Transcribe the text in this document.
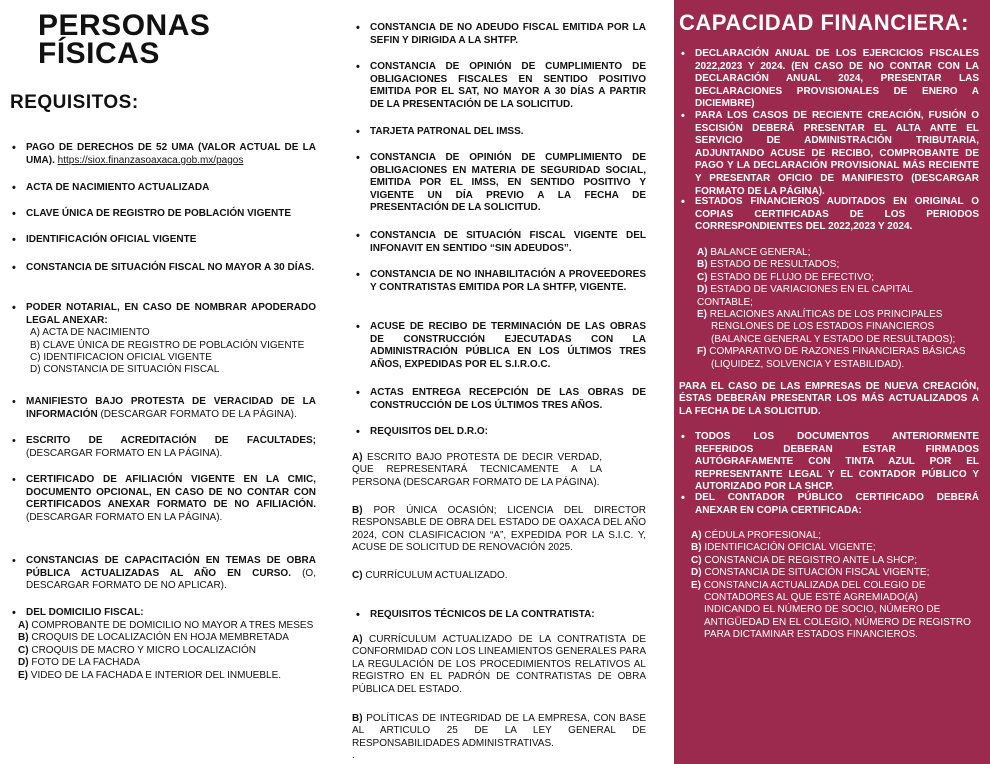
PERSONAS
FÍSICAS
REQUISITOS:
• PAGO DE DERECHOS DE 52 UMA (VALOR ACTUAL DE LA UMA). https://siox.finanzasoaxaca.gob.mx/pagos
• ACTA DE NACIMIENTO ACTUALIZADA
• CLAVE ÚNICA DE REGISTRO DE POBLACIÓN VIGENTE
• IDENTIFICACIÓN OFICIAL VIGENTE
• CONSTANCIA DE SITUACIÓN FISCAL NO MAYOR A 30 DÍAS.
• PODER NOTARIAL, EN CASO DE NOMBRAR APODERADO LEGAL ANEXAR:
A) ACTA DE NACIMIENTO
B) CLAVE ÚNICA DE REGISTRO DE POBLACIÓN VIGENTE
C) IDENTIFICACION OFICIAL VIGENTE
D) CONSTANCIA DE SITUACIÓN FISCAL
• MANIFIESTO BAJO PROTESTA DE VERACIDAD DE LA INFORMACIÓN (DESCARGAR FORMATO DE LA PÁGINA).
• ESCRITO DE ACREDITACIÓN DE FACULTADES; (DESCARGAR FORMATO EN LA PÁGINA).
• CERTIFICADO DE AFILIACIÓN VIGENTE EN LA CMIC, DOCUMENTO OPCIONAL, EN CASO DE NO CONTAR CON CERTIFICADOS ANEXAR FORMATO DE NO AFILIACIÓN. (DESCARGAR FORMATO EN LA PÁGINA).
• CONSTANCIAS DE CAPACITACIÓN EN TEMAS DE OBRA PÚBLICA ACTUALIZADAS AL AÑO EN CURSO. (O, DESCARGAR FORMATO DE NO APLICAR).
• DEL DOMICILIO FISCAL:
A) COMPROBANTE DE DOMICILIO NO MAYOR A TRES MESES
B) CROQUIS DE LOCALIZACIÓN EN HOJA MEMBRETADA
C) CROQUIS DE MACRO Y MICRO LOCALIZACIÓN
D) FOTO DE LA FACHADA
E) VIDEO DE LA FACHADA E INTERIOR DEL INMUEBLE.
• CONSTANCIA DE NO ADEUDO FISCAL EMITIDA POR LA SEFIN Y DIRIGIDA A LA SHTFP.
• CONSTANCIA DE OPINIÓN DE CUMPLIMIENTO DE OBLIGACIONES FISCALES EN SENTIDO POSITIVO EMITIDA POR EL SAT, NO MAYOR A 30 DÍAS A PARTIR DE LA PRESENTACIÓN DE LA SOLICITUD.
• TARJETA PATRONAL DEL IMSS.
• CONSTANCIA DE OPINIÓN DE CUMPLIMIENTO DE OBLIGACIONES EN MATERIA DE SEGURIDAD SOCIAL, EMITIDA POR EL IMSS, EN SENTIDO POSITIVO Y VIGENTE UN DÍA PREVIO A LA FECHA DE PRESENTACIÓN DE LA SOLICITUD.
• CONSTANCIA DE SITUACIÓN FISCAL VIGENTE DEL INFONAVIT EN SENTIDO “SIN ADEUDOS”.
• CONSTANCIA DE NO INHABILITACIÓN A PROVEEDORES Y CONTRATISTAS EMITIDA POR LA SHTFP, VIGENTE.
• ACUSE DE RECIBO DE TERMINACIÓN DE LAS OBRAS DE CONSTRUCCIÓN EJECUTADAS CON LA ADMINISTRACIÓN PÚBLICA EN LOS ÚLTIMOS TRES AÑOS, EXPEDIDAS POR EL S.I.R.O.C.
• ACTAS ENTREGA RECEPCIÓN DE LAS OBRAS DE CONSTRUCCIÓN DE LOS ÚLTIMOS TRES AÑOS.
• REQUISITOS DEL D.R.O:

A) ESCRITO BAJO PROTESTA DE DECIR VERDAD, QUE REPRESENTARÁ TECNICAMENTE A LA PERSONA (DESCARGAR FORMATO DE LA PÁGINA).

B) POR ÚNICA OCASIÓN; LICENCIA DEL DIRECTOR RESPONSABLE DE OBRA DEL ESTADO DE OAXACA DEL AÑO 2024, CON CLASIFICACION “A”, EXPEDIDA POR LA S.I.C. Y, ACUSE DE SOLICITUD DE RENOVACIÓN 2025.

C) CURRÍCULUM ACTUALIZADO.

• REQUISITOS TÉCNICOS DE LA CONTRATISTA:

A) CURRÍCULUM ACTUALIZADO DE LA CONTRATISTA DE CONFORMIDAD CON LOS LINEAMIENTOS GENERALES PARA LA REGULACIÓN DE LOS PROCEDIMIENTOS RELATIVOS AL REGISTRO EN EL PADRÓN DE CONTRATISTAS DE OBRA PÚBLICA DEL ESTADO.

B) POLÍTICAS DE INTEGRIDAD DE LA EMPRESA, CON BASE AL ARTICULO 25 DE LA LEY GENERAL DE RESPONSABILIDADES ADMINISTRATIVAS.

.

CAPACIDAD FINANCIERA:
• DECLARACIÓN ANUAL DE LOS EJERCICIOS FISCALES 2022,2023 Y 2024. (EN CASO DE NO CONTAR CON LA DECLARACIÓN ANUAL 2024, PRESENTAR LAS DECLARACIONES PROVISIONALES DE ENERO A DICIEMBRE)
• PARA LOS CASOS DE RECIENTE CREACIÓN, FUSIÓN O ESCISIÓN DEBERÁ PRESENTAR EL ALTA ANTE EL SERVICIO DE ADMINISTRACIÓN TRIBUTARIA, ADJUNTANDO ACUSE DE RECIBO, COMPROBANTE DE PAGO Y LA DECLARACIÓN PROVISIONAL MÁS RECIENTE Y PRESENTAR OFICIO DE MANIFIESTO (DESCARGAR FORMATO DE LA PÁGINA).
• ESTADOS FINANCIEROS AUDITADOS EN ORIGINAL O COPIAS CERTIFICADAS DE LOS PERIODOS CORRESPONDIENTES DEL 2022,2023 Y 2024.
A) BALANCE GENERAL;
B) ESTADO DE RESULTADOS;
C) ESTADO DE FLUJO DE EFECTIVO;
D) ESTADO DE VARIACIONES EN EL CAPITAL CONTABLE;
E) RELACIONES ANALÍTICAS DE LOS PRINCIPALES RENGLONES DE LOS ESTADOS FINANCIEROS (BALANCE GENERAL Y ESTADO DE RESULTADOS);
F) COMPARATIVO DE RAZONES FINANCIERAS BÁSICAS (LIQUIDEZ, SOLVENCIA Y ESTABILIDAD).

PARA EL CASO DE LAS EMPRESAS DE NUEVA CREACIÓN, ÉSTAS DEBERÁN PRESENTAR LOS MÁS ACTUALIZADOS A LA FECHA DE LA SOLICITUD.

• TODOS LOS DOCUMENTOS ANTERIORMENTE REFERIDOS DEBERAN ESTAR FIRMADOS AUTÓGRAFAMENTE CON TINTA AZUL POR EL REPRESENTANTE LEGAL Y EL CONTADOR PÚBLICO Y AUTORIZADO POR LA SHCP.
• DEL CONTADOR PÚBLICO CERTIFICADO DEBERÁ ANEXAR EN COPIA CERTIFICADA:
A) CÉDULA PROFESIONAL;
B) IDENTIFICACIÓN OFICIAL VIGENTE;
C) CONSTANCIA DE REGISTRO ANTE LA SHCP;
D) CONSTANCIA DE SITUACIÓN FISCAL VIGENTE;
E) CONSTANCIA ACTUALIZADA DEL COLEGIO DE CONTADORES AL QUE ESTÉ AGREMIADO(A) INDICANDO EL NÚMERO DE SOCIO, NÚMERO DE ANTIGÜEDAD EN EL COLEGIO, NÚMERO DE REGISTRO PARA DICTAMINAR ESTADOS FINANCIEROS.
